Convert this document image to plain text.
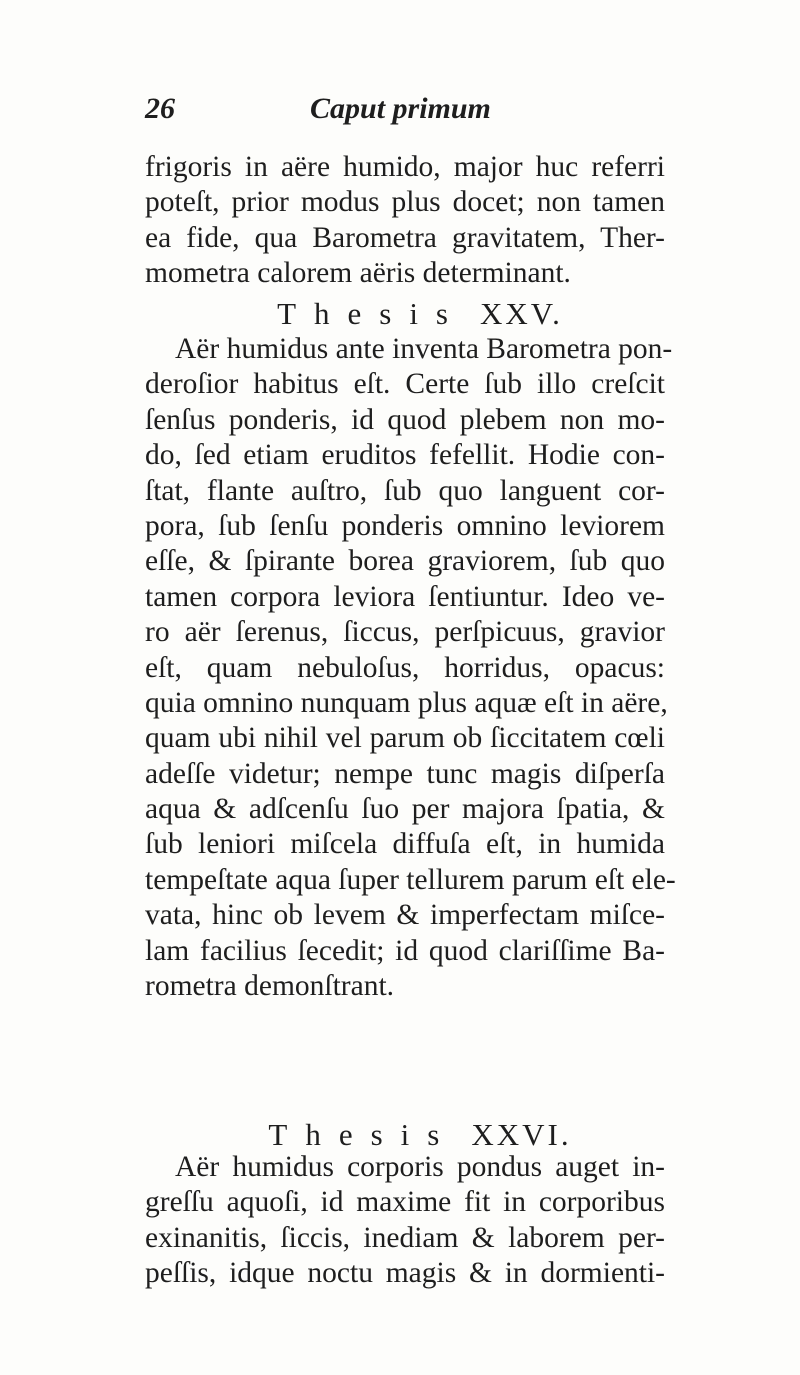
26	Caput primum
frigoris in aëre humido, major huc referri
poteſt, prior modus plus docet; non tamen
ea fide, qua Barometra gravitatem, Ther-
mometra calorem aëris determinant.
Thesis XXV.
Aër humidus ante inventa Barometra pon-
deroſior habitus eſt. Certe ſub illo creſcit
ſenſus ponderis, id quod plebem non mo-
do, ſed etiam eruditos fefellit. Hodie con-
ſtat, flante auſtro, ſub quo languent cor-
pora, ſub ſenſu ponderis omnino leviorem
eſſe, & ſpirante borea graviorem, ſub quo
tamen corpora leviora ſentiuntur. Ideo ve-
ro aër ſerenus, ſiccus, perſpicuus, gravior
eſt, quam nebuloſus, horridus, opacus:
quia omnino nunquam plus aquæ eſt in aëre,
quam ubi nihil vel parum ob ſiccitatem cœli
adeſſe videtur; nempe tunc magis diſperſa
aqua & adſcenſu ſuo per majora ſpatia, &
ſub leniori miſcela diffuſa eſt, in humida
tempeſtate aqua ſuper tellurem parum eſt ele-
vata, hinc ob levem & imperfectam miſce-
lam facilius ſecedit; id quod clariſſime Ba-
rometra demonſtrant.
Thesis XXVI.
Aër humidus corporis pondus auget in-
greſſu aquoſi, id maxime fit in corporibus
exinanitis, ſiccis, inediam & laborem per-
peſſis, idque noctu magis & in dormienti-
